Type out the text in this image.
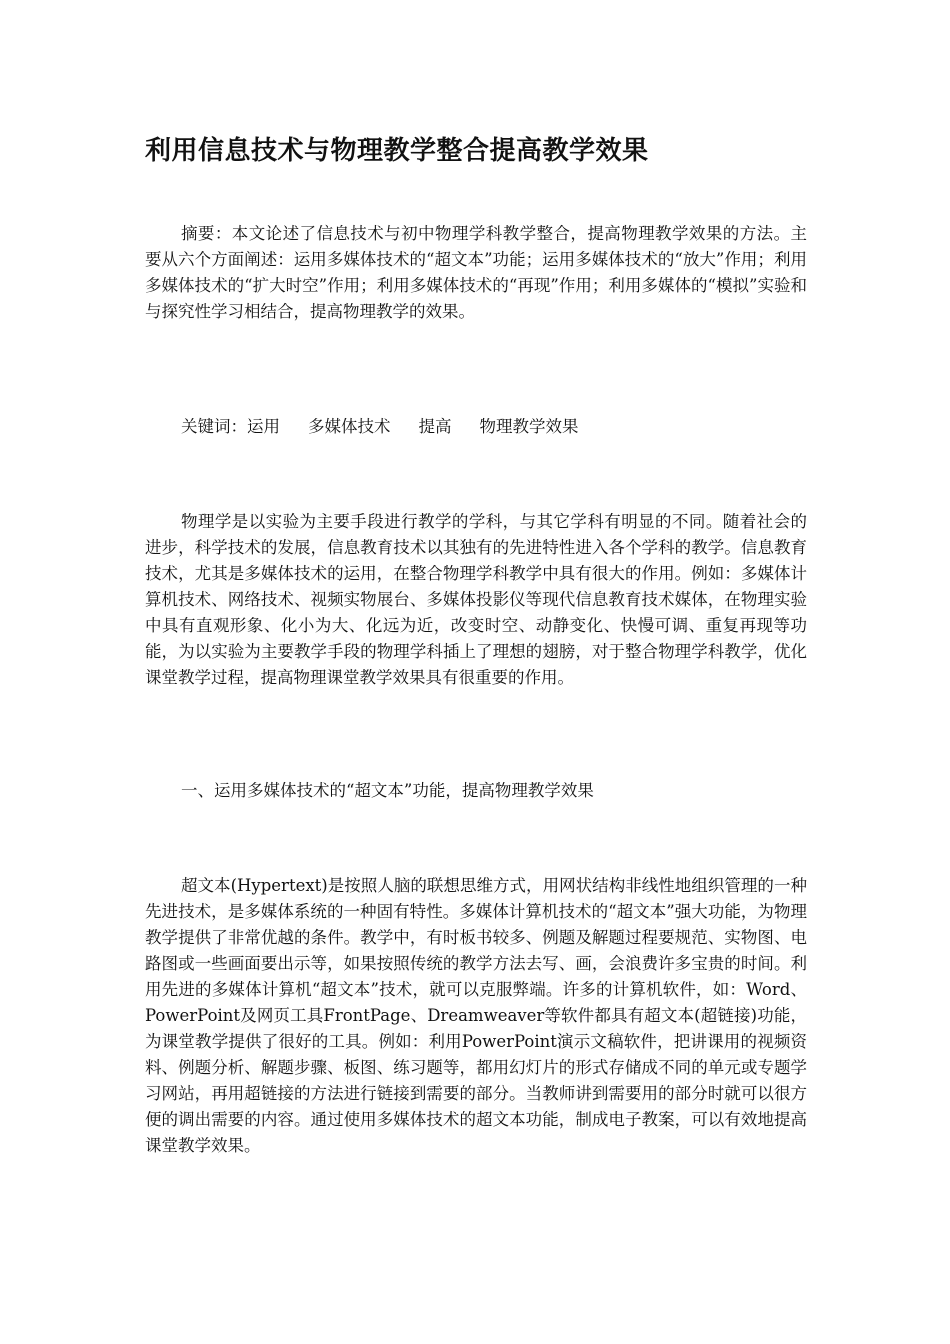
利用信息技术与物理教学整合提高教学效果

摘要：本文论述了信息技术与初中物理学科教学整合，提高物理教学效果的方法。主要从六个方面阐述：运用多媒体技术的“超文本”功能；运用多媒体技术的“放大”作用；利用多媒体技术的“扩大时空”作用；利用多媒体技术的“再现”作用；利用多媒体的“模拟”实验和与探究性学习相结合，提高物理教学的效果。

关键词：运用 多媒体技术 提高 物理教学效果

物理学是以实验为主要手段进行教学的学科，与其它学科有明显的不同。随着社会的进步，科学技术的发展，信息教育技术以其独有的先进特性进入各个学科的教学。信息教育技术，尤其是多媒体技术的运用，在整合物理学科教学中具有很大的作用。例如：多媒体计算机技术、网络技术、视频实物展台、多媒体投影仪等现代信息教育技术媒体，在物理实验中具有直观形象、化小为大、化远为近，改变时空、动静变化、快慢可调、重复再现等功能，为以实验为主要教学手段的物理学科插上了理想的翅膀，对于整合物理学科教学，优化课堂教学过程，提高物理课堂教学效果具有很重要的作用。

一、运用多媒体技术的“超文本”功能，提高物理教学效果

超文本(Hypertext)是按照人脑的联想思维方式，用网状结构非线性地组织管理的一种先进技术，是多媒体系统的一种固有特性。多媒体计算机技术的“超文本”强大功能，为物理教学提供了非常优越的条件。教学中，有时板书较多、例题及解题过程要规范、实物图、电路图或一些画面要出示等，如果按照传统的教学方法去写、画，会浪费许多宝贵的时间。利用先进的多媒体计算机“超文本”技术，就可以克服弊端。许多的计算机软件，如：Word、PowerPoint及网页工具FrontPage、Dreamweaver等软件都具有超文本(超链接)功能，为课堂教学提供了很好的工具。例如：利用PowerPoint演示文稿软件，把讲课用的视频资料、例题分析、解题步骤、板图、练习题等，都用幻灯片的形式存储成不同的单元或专题学习网站，再用超链接的方法进行链接到需要的部分。当教师讲到需要用的部分时就可以很方便的调出需要的内容。通过使用多媒体技术的超文本功能，制成电子教案，可以有效地提高课堂教学效果。
